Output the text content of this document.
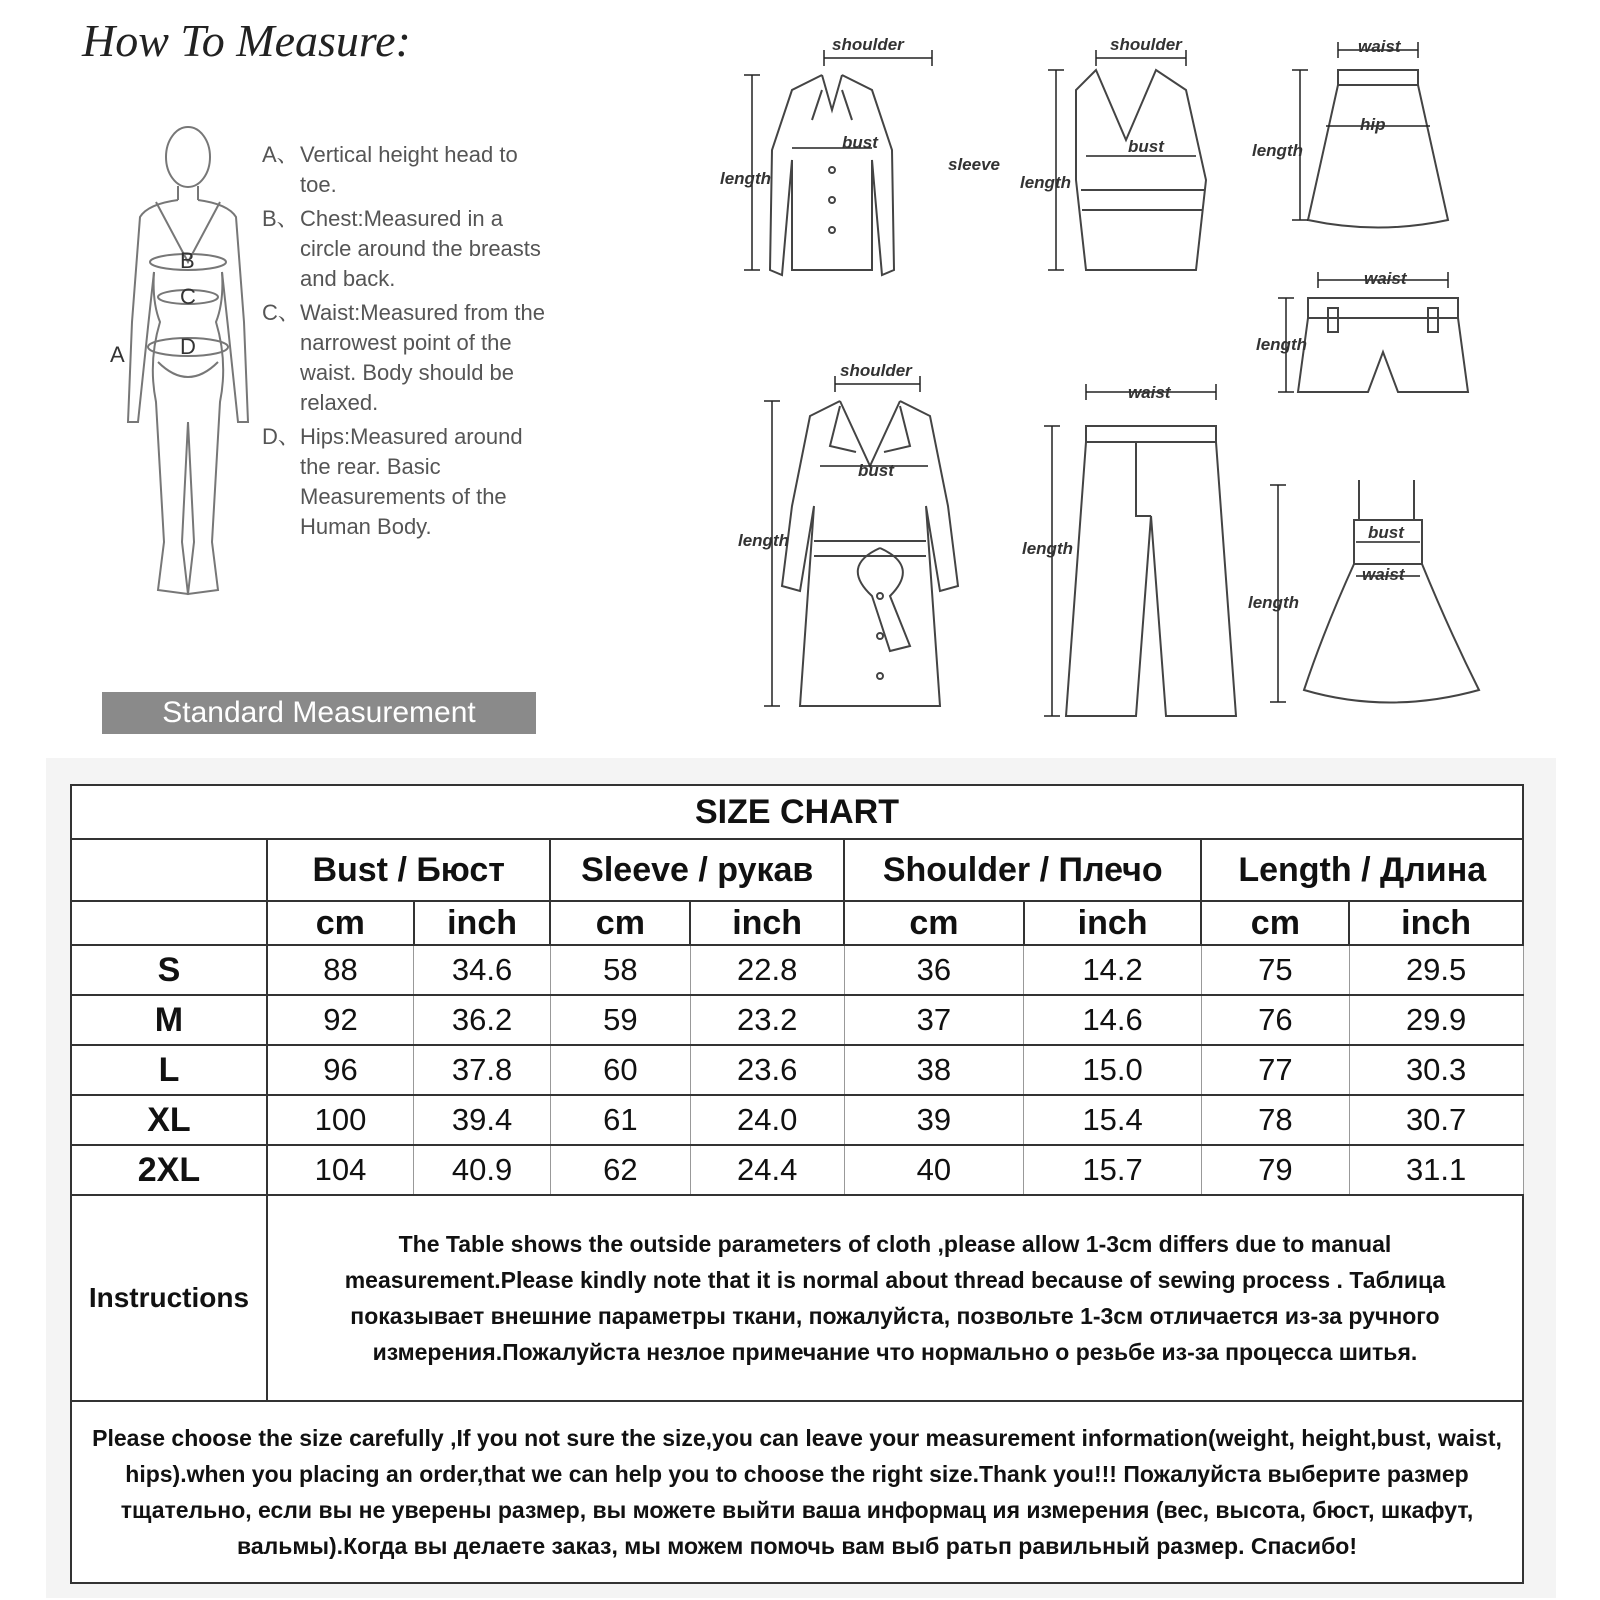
How To Measure:
B
C
D
A
A、 Vertical height head to toe.
B、 Chest:Measured in a circle around the breasts and back.
C、 Waist:Measured from the narrowest point of the waist. Body should be relaxed.
D、 Hips:Measured around the rear. Basic Measurements of the Human Body.
Standard Measurement
shoulder
bust
sleeve
length
shoulder
bust
length
waist
hip
length
waist
length
shoulder
bust
length
waist
length
bust
waist
length
SIZE CHART								
	Bust / Бюст		Sleeve / рукав		Shoulder / Плечо		Length / Длина	
	cm	inch	cm	inch	cm	inch	cm	inch
S	88	34.6	58	22.8	36	14.2	75	29.5
M	92	36.2	59	23.2	37	14.6	76	29.9
L	96	37.8	60	23.6	38	15.0	77	30.3
XL	100	39.4	61	24.0	39	15.4	78	30.7
2XL	104	40.9	62	24.4	40	15.7	79	31.1
Instructions	The Table shows the outside parameters of cloth ,please allow 1-3cm differs due to manual measurement.Please kindly note that it is normal about thread because of sewing process . Таблица показывает внешние параметры ткани, пожалуйста, позвольте 1-3см отличается из-за ручного измерения.Пожалуйста незлое примечание что нормально о резьбе из-за процесса шитья.							
Please choose the size carefully ,If you not sure the size,you can leave your measurement information(weight, height,bust, waist, hips).when you placing an order,that we can help you to choose the right size.Thank you!!! Пожалуйста выберите размер тщательно, если вы не уверены размер, вы можете выйти ваша информац ия измерения (вес, высота, бюст, шкафут, вальмы).Когда вы делаете заказ, мы можем помочь вам выб ратьп равильный размер. Спасибо!								
